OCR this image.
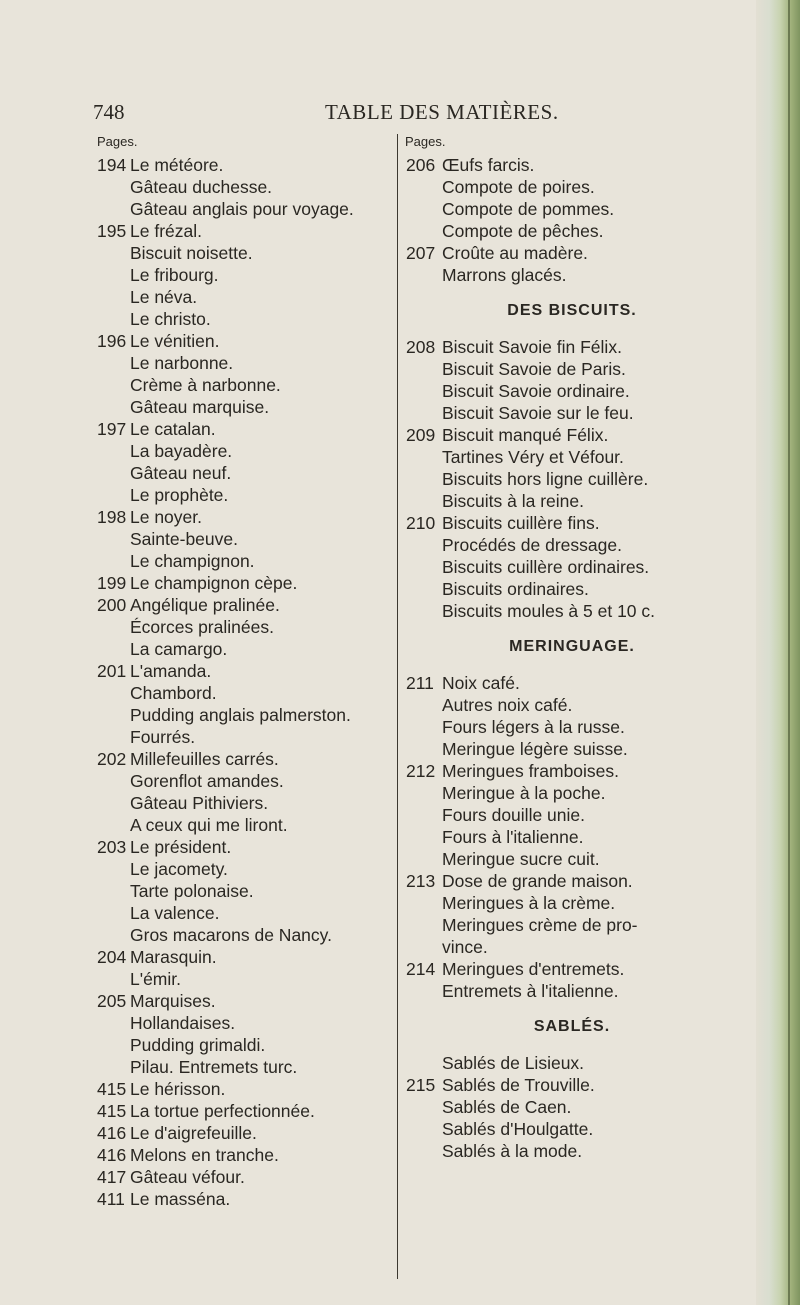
748	TABLE DES MATIÈRES.
Pages.
194 Le météore.
Gâteau duchesse.
Gâteau anglais pour voyage.
195 Le frézal.
Biscuit noisette.
Le fribourg.
Le néva.
Le christo.
196 Le vénitien.
Le narbonne.
Crème à narbonne.
Gâteau marquise.
197 Le catalan.
La bayadère.
Gâteau neuf.
Le prophète.
198 Le noyer.
Sainte-beuve.
Le champignon.
199 Le champignon cèpe.
200 Angélique pralinée.
Écorces pralinées.
La camargo.
201 L'amanda.
Chambord.
Pudding anglais palmerston.
Fourrés.
202 Millefeuilles carrés.
Gorenflot amandes.
Gâteau Pithiviers.
A ceux qui me liront.
203 Le président.
Le jacomety.
Tarte polonaise.
La valence.
Gros macarons de Nancy.
204 Marasquin.
L'émir.
205 Marquises.
Hollandaises.
Pudding grimaldi.
Pilau. Entremets turc.
415 Le hérisson.
415 La tortue perfectionnée.
416 Le d'aigrefeuille.
416 Melons en tranche.
417 Gâteau véfour.
411 Le masséna.
Pages.
206 Œufs farcis.
Compote de poires.
Compote de pommes.
Compote de pêches.
207 Croûte au madère.
Marrons glacés.
DES BISCUITS.
208 Biscuit Savoie fin Félix.
Biscuit Savoie de Paris.
Biscuit Savoie ordinaire.
Biscuit Savoie sur le feu.
209 Biscuit manqué Félix.
Tartines Véry et Véfour.
Biscuits hors ligne cuillère.
Biscuits à la reine.
210 Biscuits cuillère fins.
Procédés de dressage.
Biscuits cuillère ordinaires.
Biscuits ordinaires.
Biscuits moules à 5 et 10 c.
MERINGUAGE.
211 Noix café.
Autres noix café.
Fours légers à la russe.
Meringue légère suisse.
212 Meringues framboises.
Meringue à la poche.
Fours douille unie.
Fours à l'italienne.
Meringue sucre cuit.
213 Dose de grande maison.
Meringues à la crème.
Meringues crème de pro-
vince.
214 Meringues d'entremets.
Entremets à l'italienne.
SABLÉS.
Sablés de Lisieux.
215 Sablés de Trouville.
Sablés de Caen.
Sablés d'Houlgatte.
Sablés à la mode.
